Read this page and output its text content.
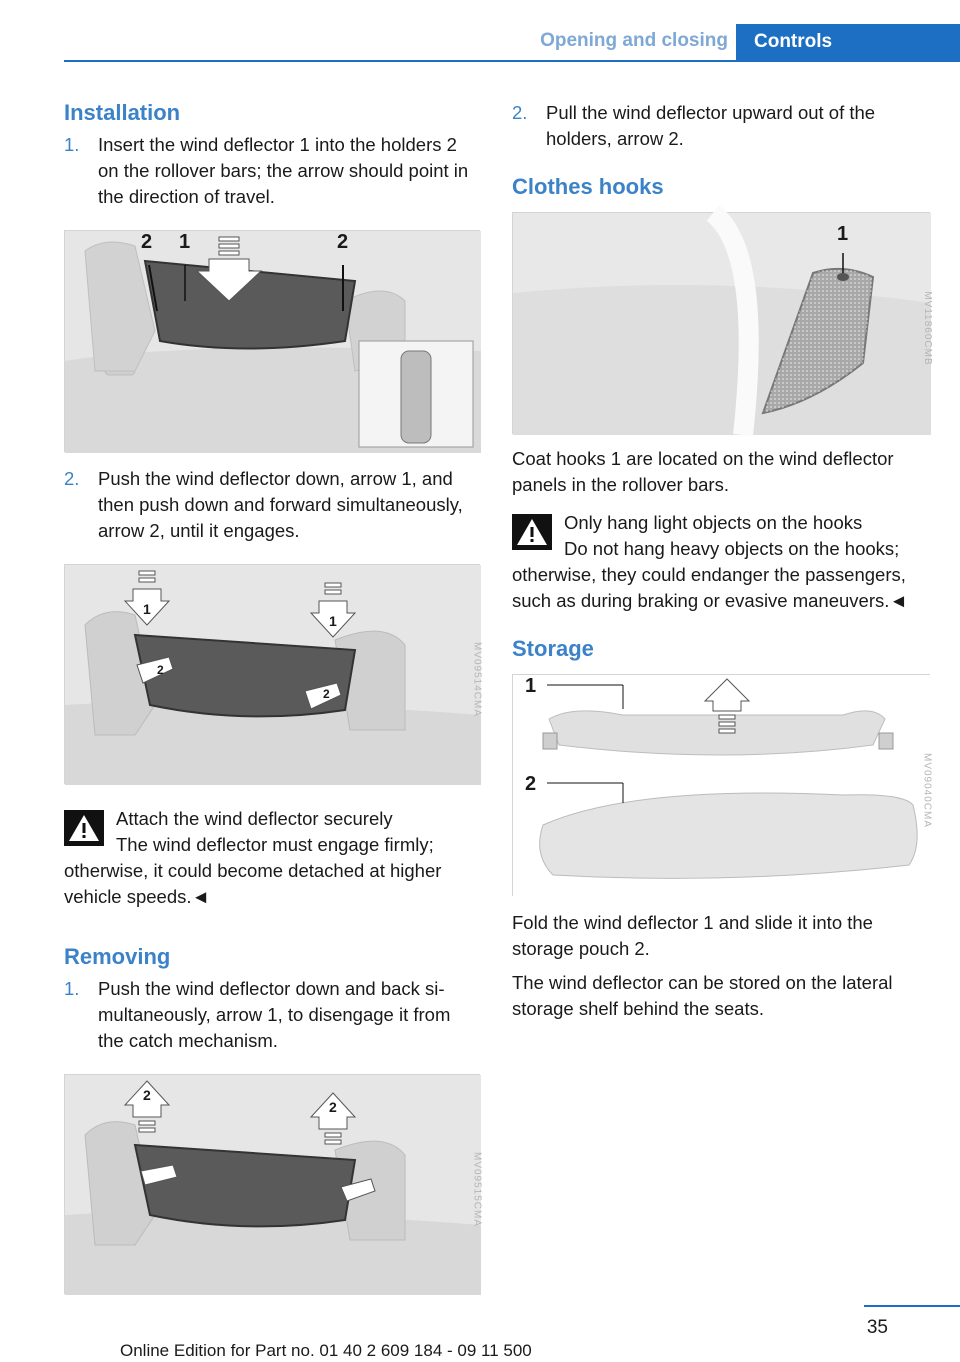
Opening and closing	Controls
Installation
1.	Insert the wind deflector 1 into the holders 2 on the rollover bars; the arrow should point in the direction of travel.
2 1	2
2.	Push the wind deflector down, arrow 1, and then push down and forward simultaneously, arrow 2, until it engages.
1
1
2
2	MV09514CMA
Attach the wind deflector securely
The wind deflector must engage firmly; otherwise, it could become detached at higher vehicle speeds.◄
Removing
1.	Push the wind deflector down and back simultaneously, arrow 1, to disengage it from the catch mechanism.
2
2
MV09515CMA
2.	Pull the wind deflector upward out of the holders, arrow 2.
Clothes hooks
1
MV11860CMB
Coat hooks 1 are located on the wind deflector panels in the rollover bars.
Only hang light objects on the hooks
Do not hang heavy objects on the hooks; otherwise, they could endanger the passengers, such as during braking or evasive maneuvers.◄
Storage
1
2	MV09040CMA
Fold the wind deflector 1 and slide it into the storage pouch 2.
The wind deflector can be stored on the lateral storage shelf behind the seats.
35
Online Edition for Part no. 01 40 2 609 184 - 09 11 500
